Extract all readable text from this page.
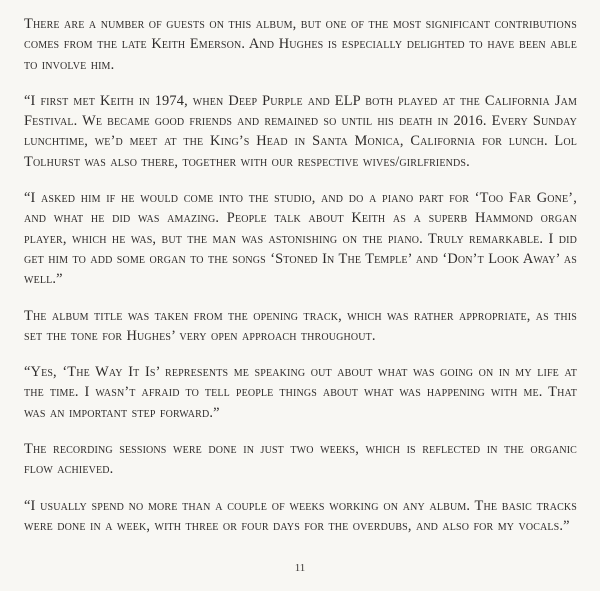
There are a number of guests on this album, but one of the most significant contributions comes from the late Keith Emerson. And Hughes is especially delighted to have been able to involve him.

“I first met Keith in 1974, when Deep Purple and ELP both played at the California Jam Festival. We became good friends and remained so until his death in 2016. Every Sunday lunchtime, we’d meet at the King’s Head in Santa Monica, California for lunch. Lol Tolhurst was also there, together with our respective wives/girlfriends.

“I asked him if he would come into the studio, and do a piano part for ‘Too Far Gone’, and what he did was amazing. People talk about Keith as a superb Hammond organ player, which he was, but the man was astonishing on the piano. Truly remarkable. I did get him to add some organ to the songs ‘Stoned In The Temple’ and ‘Don’t Look Away’ as well.”

The album title was taken from the opening track, which was rather appropriate, as this set the tone for Hughes’ very open approach throughout.

“Yes, ‘The Way It Is’ represents me speaking out about what was going on in my life at the time. I wasn’t afraid to tell people things about what was happening with me. That was an important step forward.”

The recording sessions were done in just two weeks, which is reflected in the organic flow achieved.

“I usually spend no more than a couple of weeks working on any album. The basic tracks were done in a week, with three or four days for the overdubs, and also for my vocals.”

11
